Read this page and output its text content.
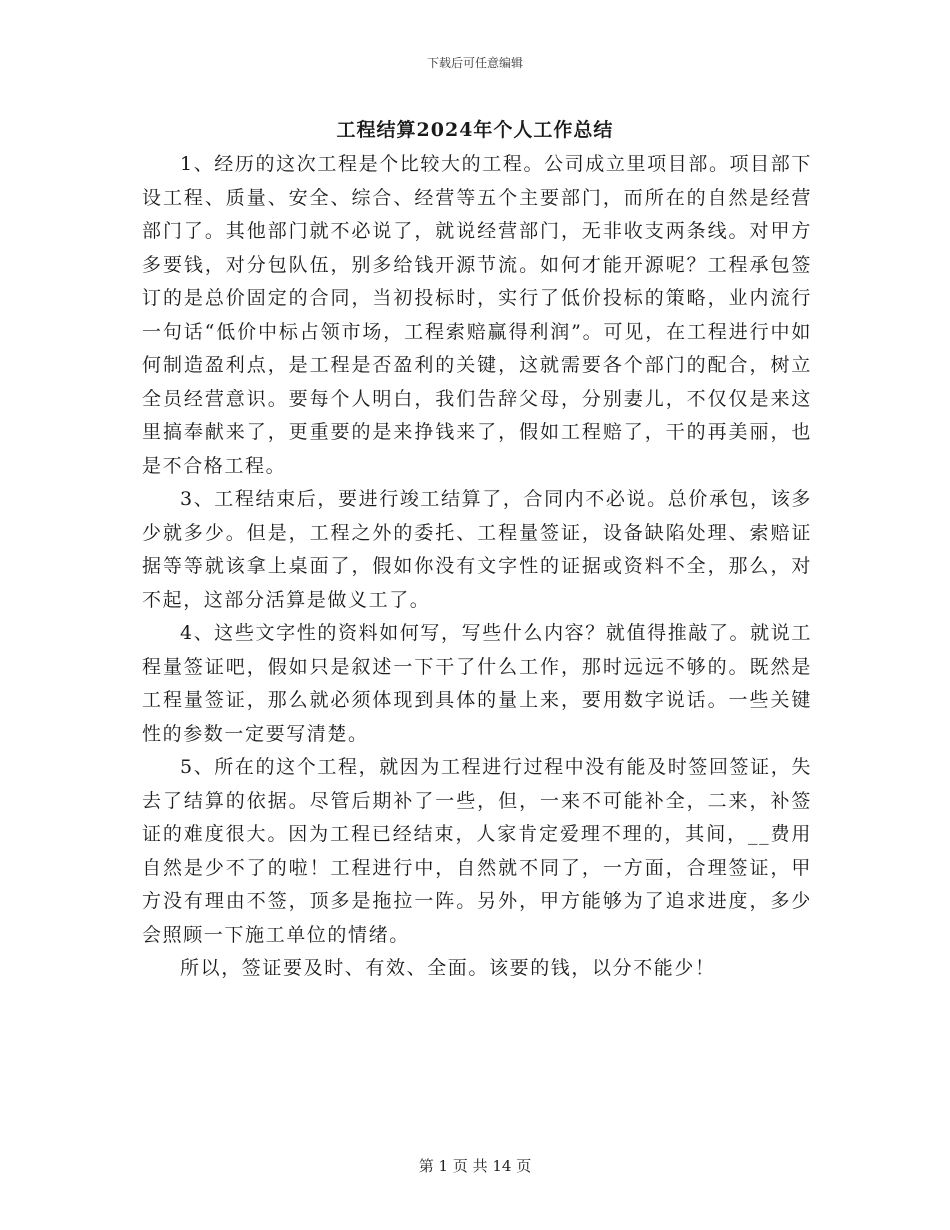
下载后可任意编辑
工程结算2024年个人工作总结

1、经历的这次工程是个比较大的工程。公司成立里项目部。项目部下设工程、质量、安全、综合、经营等五个主要部门，而所在的自然是经营部门了。其他部门就不必说了，就说经营部门，无非收支两条线。对甲方多要钱，对分包队伍，别多给钱开源节流。如何才能开源呢？工程承包签订的是总价固定的合同，当初投标时，实行了低价投标的策略，业内流行一句话“低价中标占领市场，工程索赔赢得利润”。可见，在工程进行中如何制造盈利点，是工程是否盈利的关键，这就需要各个部门的配合，树立全员经营意识。要每个人明白，我们告辞父母，分别妻儿，不仅仅是来这里搞奉献来了，更重要的是来挣钱来了，假如工程赔了，干的再美丽，也是不合格工程。

3、工程结束后，要进行竣工结算了，合同内不必说。总价承包，该多少就多少。但是，工程之外的委托、工程量签证，设备缺陷处理、索赔证据等等就该拿上桌面了，假如你没有文字性的证据或资料不全，那么，对不起，这部分活算是做义工了。

4、这些文字性的资料如何写，写些什么内容？就值得推敲了。就说工程量签证吧，假如只是叙述一下干了什么工作，那时远远不够的。既然是工程量签证，那么就必须体现到具体的量上来，要用数字说话。一些关键性的参数一定要写清楚。

5、所在的这个工程，就因为工程进行过程中没有能及时签回签证，失去了结算的依据。尽管后期补了一些，但，一来不可能补全，二来，补签证的难度很大。因为工程已经结束，人家肯定爱理不理的，其间，__费用自然是少不了的啦！工程进行中，自然就不同了，一方面，合理签证，甲方没有理由不签，顶多是拖拉一阵。另外，甲方能够为了追求进度，多少会照顾一下施工单位的情绪。

所以，签证要及时、有效、全面。该要的钱，以分不能少！

第 1 页 共 14 页
